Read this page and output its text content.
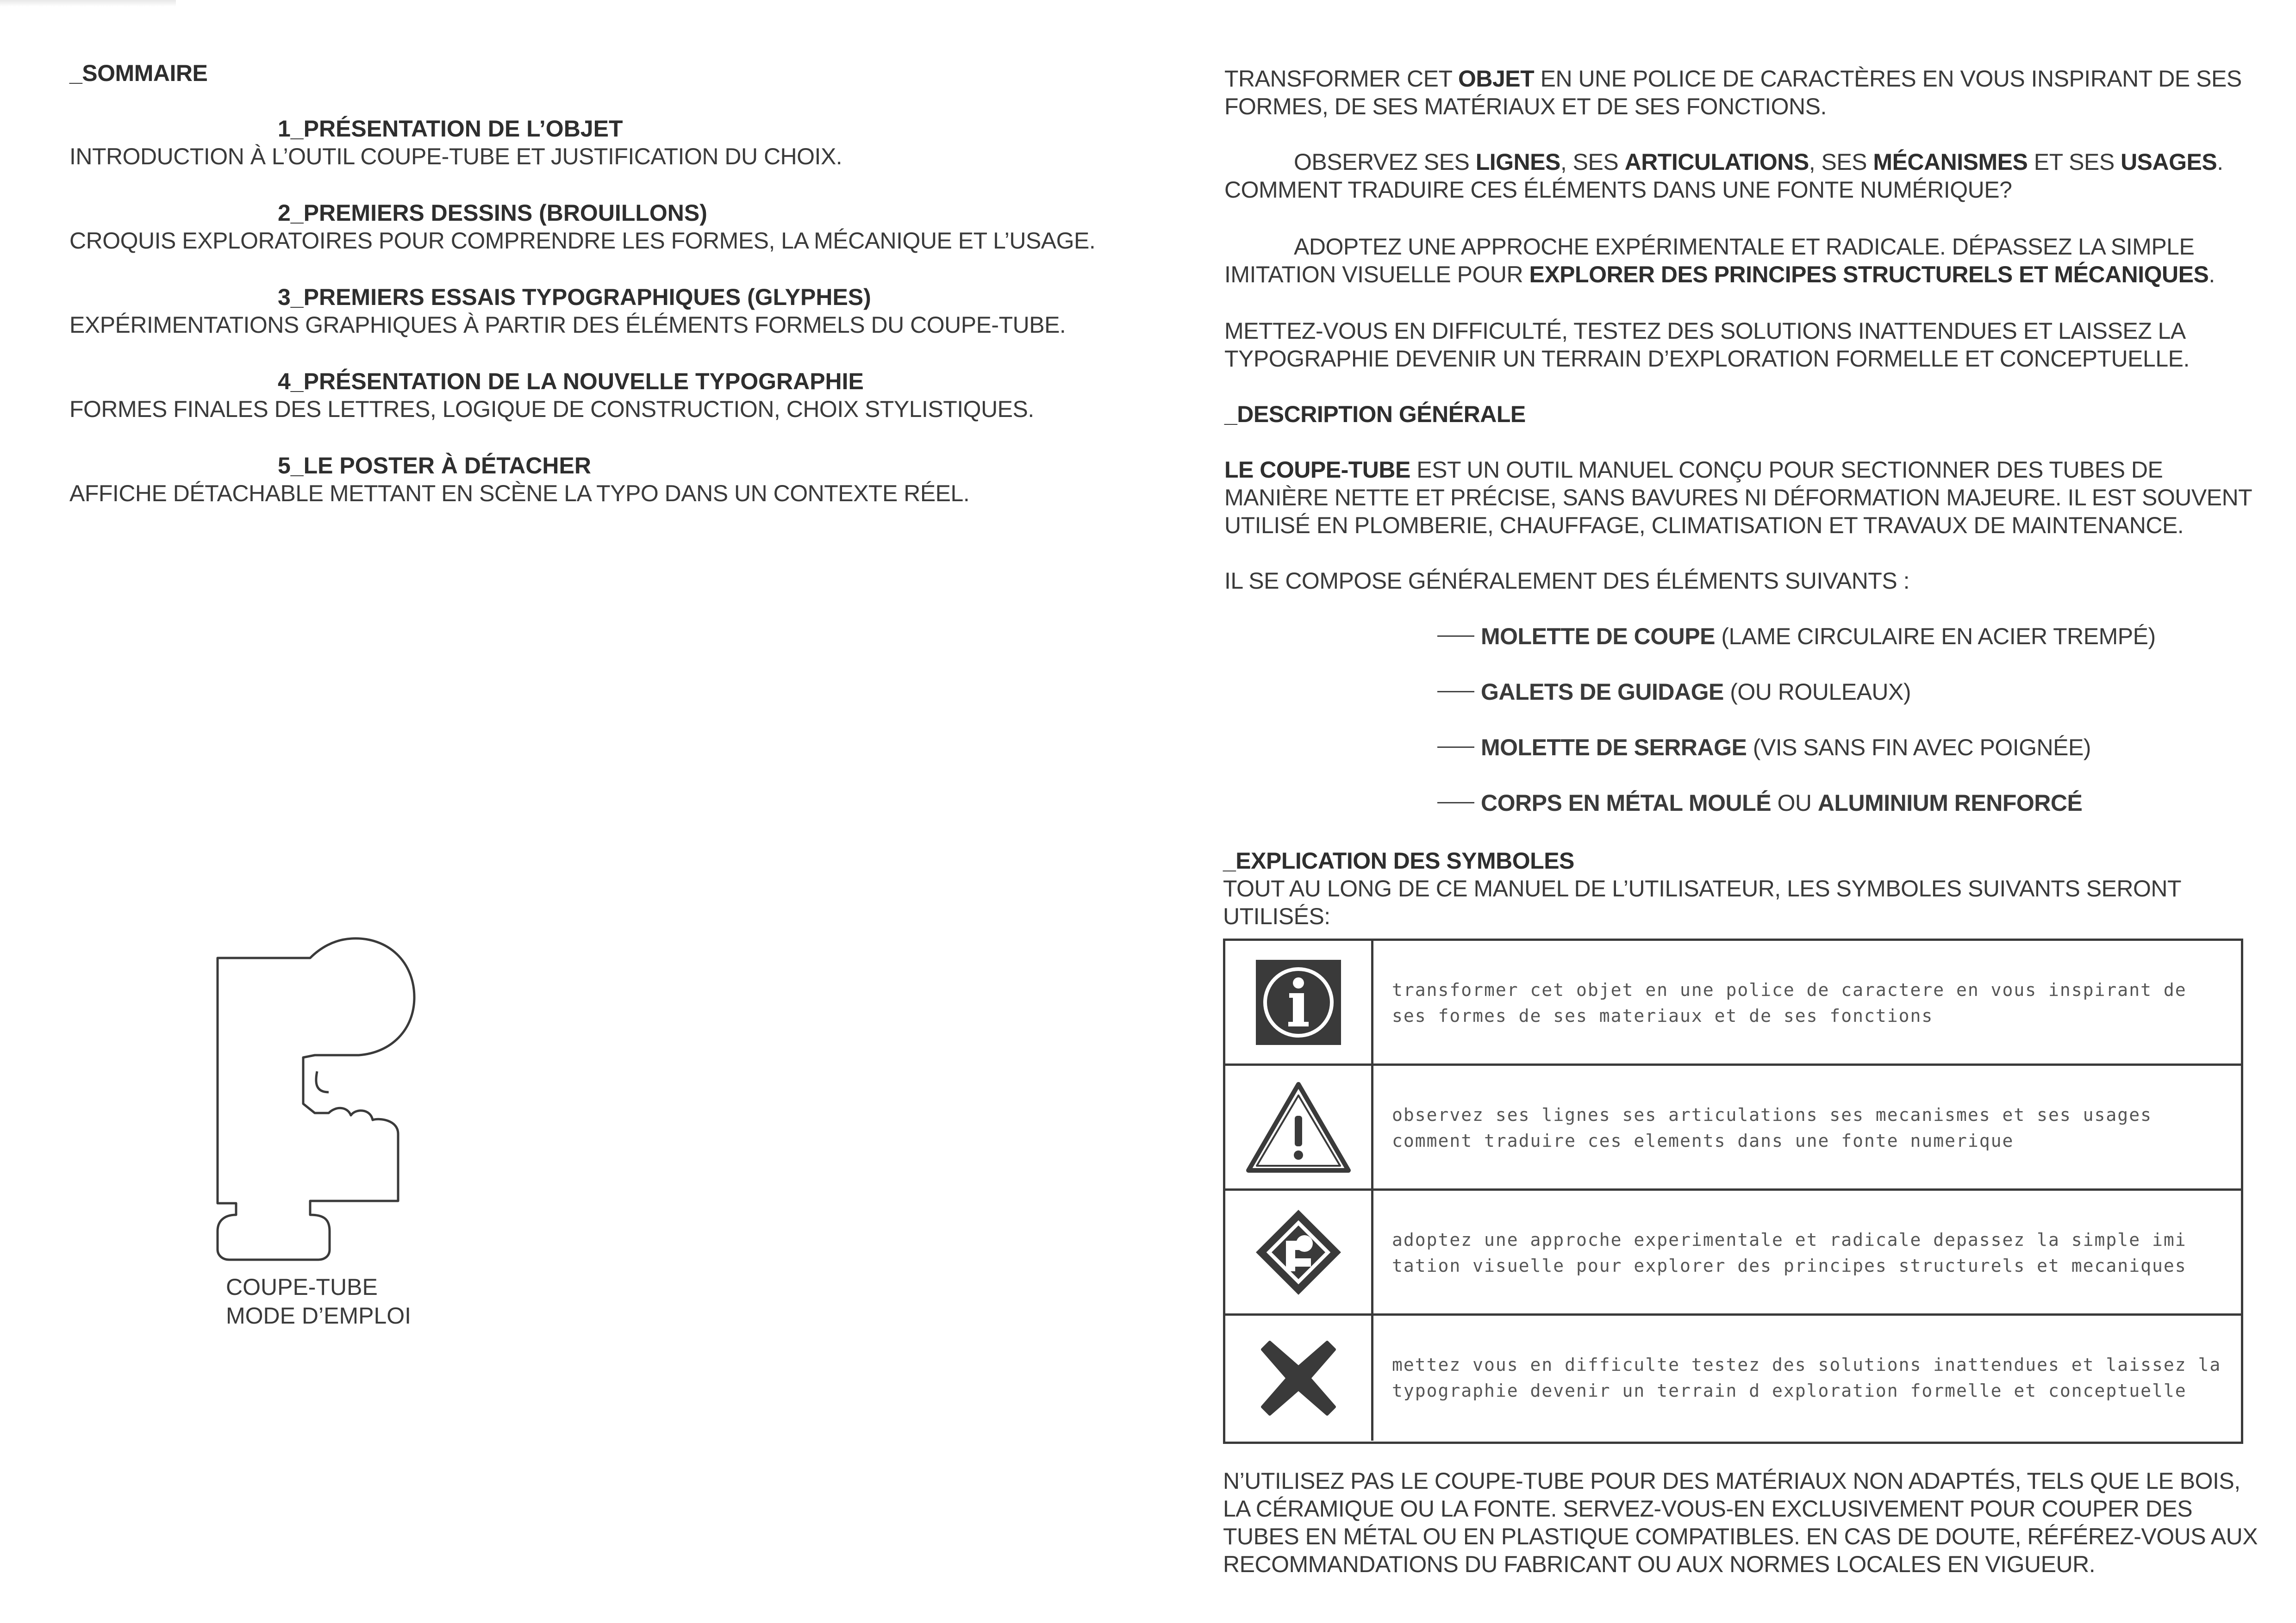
_SOMMAIRE
1_PRÉSENTATION DE L’OBJET
INTRODUCTION À L’OUTIL COUPE-TUBE ET JUSTIFICATION DU CHOIX.
2_PREMIERS DESSINS (BROUILLONS)
CROQUIS EXPLORATOIRES POUR COMPRENDRE LES FORMES, LA MÉCANIQUE ET L’USAGE.
3_PREMIERS ESSAIS TYPOGRAPHIQUES (GLYPHES)
EXPÉRIMENTATIONS GRAPHIQUES À PARTIR DES ÉLÉMENTS FORMELS DU COUPE-TUBE.
4_PRÉSENTATION DE LA NOUVELLE TYPOGRAPHIE
FORMES FINALES DES LETTRES, LOGIQUE DE CONSTRUCTION, CHOIX STYLISTIQUES.
5_LE POSTER À DÉTACHER
AFFICHE DÉTACHABLE METTANT EN SCÈNE LA TYPO DANS UN CONTEXTE RÉEL.
COUPE-TUBE
MODE D’EMPLOI

TRANSFORMER CET OBJET EN UNE POLICE DE CARACTÈRES EN VOUS INSPIRANT DE SES FORMES, DE SES MATÉRIAUX ET DE SES FONCTIONS.

OBSERVEZ SES LIGNES, SES ARTICULATIONS, SES MÉCANISMES ET SES USAGES. COMMENT TRADUIRE CES ÉLÉMENTS DANS UNE FONTE NUMÉRIQUE?

ADOPTEZ UNE APPROCHE EXPÉRIMENTALE ET RADICALE. DÉPASSEZ LA SIMPLE IMITATION VISUELLE POUR EXPLORER DES PRINCIPES STRUCTURELS ET MÉCANIQUES.

METTEZ-VOUS EN DIFFICULTÉ, TESTEZ DES SOLUTIONS INATTENDUES ET LAISSEZ LA TYPOGRAPHIE DEVENIR UN TERRAIN D’EXPLORATION FORMELLE ET CONCEPTUELLE.

_DESCRIPTION GÉNÉRALE

LE COUPE-TUBE EST UN OUTIL MANUEL CONÇU POUR SECTIONNER DES TUBES DE MANIÈRE NETTE ET PRÉCISE, SANS BAVURES NI DÉFORMATION MAJEURE. IL EST SOUVENT UTILISÉ EN PLOMBERIE, CHAUFFAGE, CLIMATISATION ET TRAVAUX DE MAINTENANCE.

IL SE COMPOSE GÉNÉRALEMENT DES ÉLÉMENTS SUIVANTS :

MOLETTE DE COUPE (LAME CIRCULAIRE EN ACIER TREMPÉ)
GALETS DE GUIDAGE (OU ROULEAUX)
MOLETTE DE SERRAGE (VIS SANS FIN AVEC POIGNÉE)
CORPS EN MÉTAL MOULÉ OU ALUMINIUM RENFORCÉ
_EXPLICATION DES SYMBOLES

TOUT AU LONG DE CE MANUEL DE L’UTILISATEUR, LES SYMBOLES SUIVANTS SERONT UTILISÉS:

transformer cet objet en une police de caractere en vous inspirant de
ses formes de ses materiaux et de ses fonctions
observez ses lignes ses articulations ses mecanismes et ses usages
comment traduire ces elements dans une fonte numerique
adoptez une approche experimentale et radicale depassez la simple imi
tation visuelle pour explorer des principes structurels et mecaniques
mettez vous en difficulte testez des solutions inattendues et laissez la
typographie devenir un terrain d exploration formelle et conceptuelle

N’UTILISEZ PAS LE COUPE-TUBE POUR DES MATÉRIAUX NON ADAPTÉS, TELS QUE LE BOIS, LA CÉRAMIQUE OU LA FONTE. SERVEZ-VOUS-EN EXCLUSIVEMENT POUR COUPER DES TUBES EN MÉTAL OU EN PLASTIQUE COMPATIBLES. EN CAS DE DOUTE, RÉFÉREZ-VOUS AUX RECOMMANDATIONS DU FABRICANT OU AUX NORMES LOCALES EN VIGUEUR.
